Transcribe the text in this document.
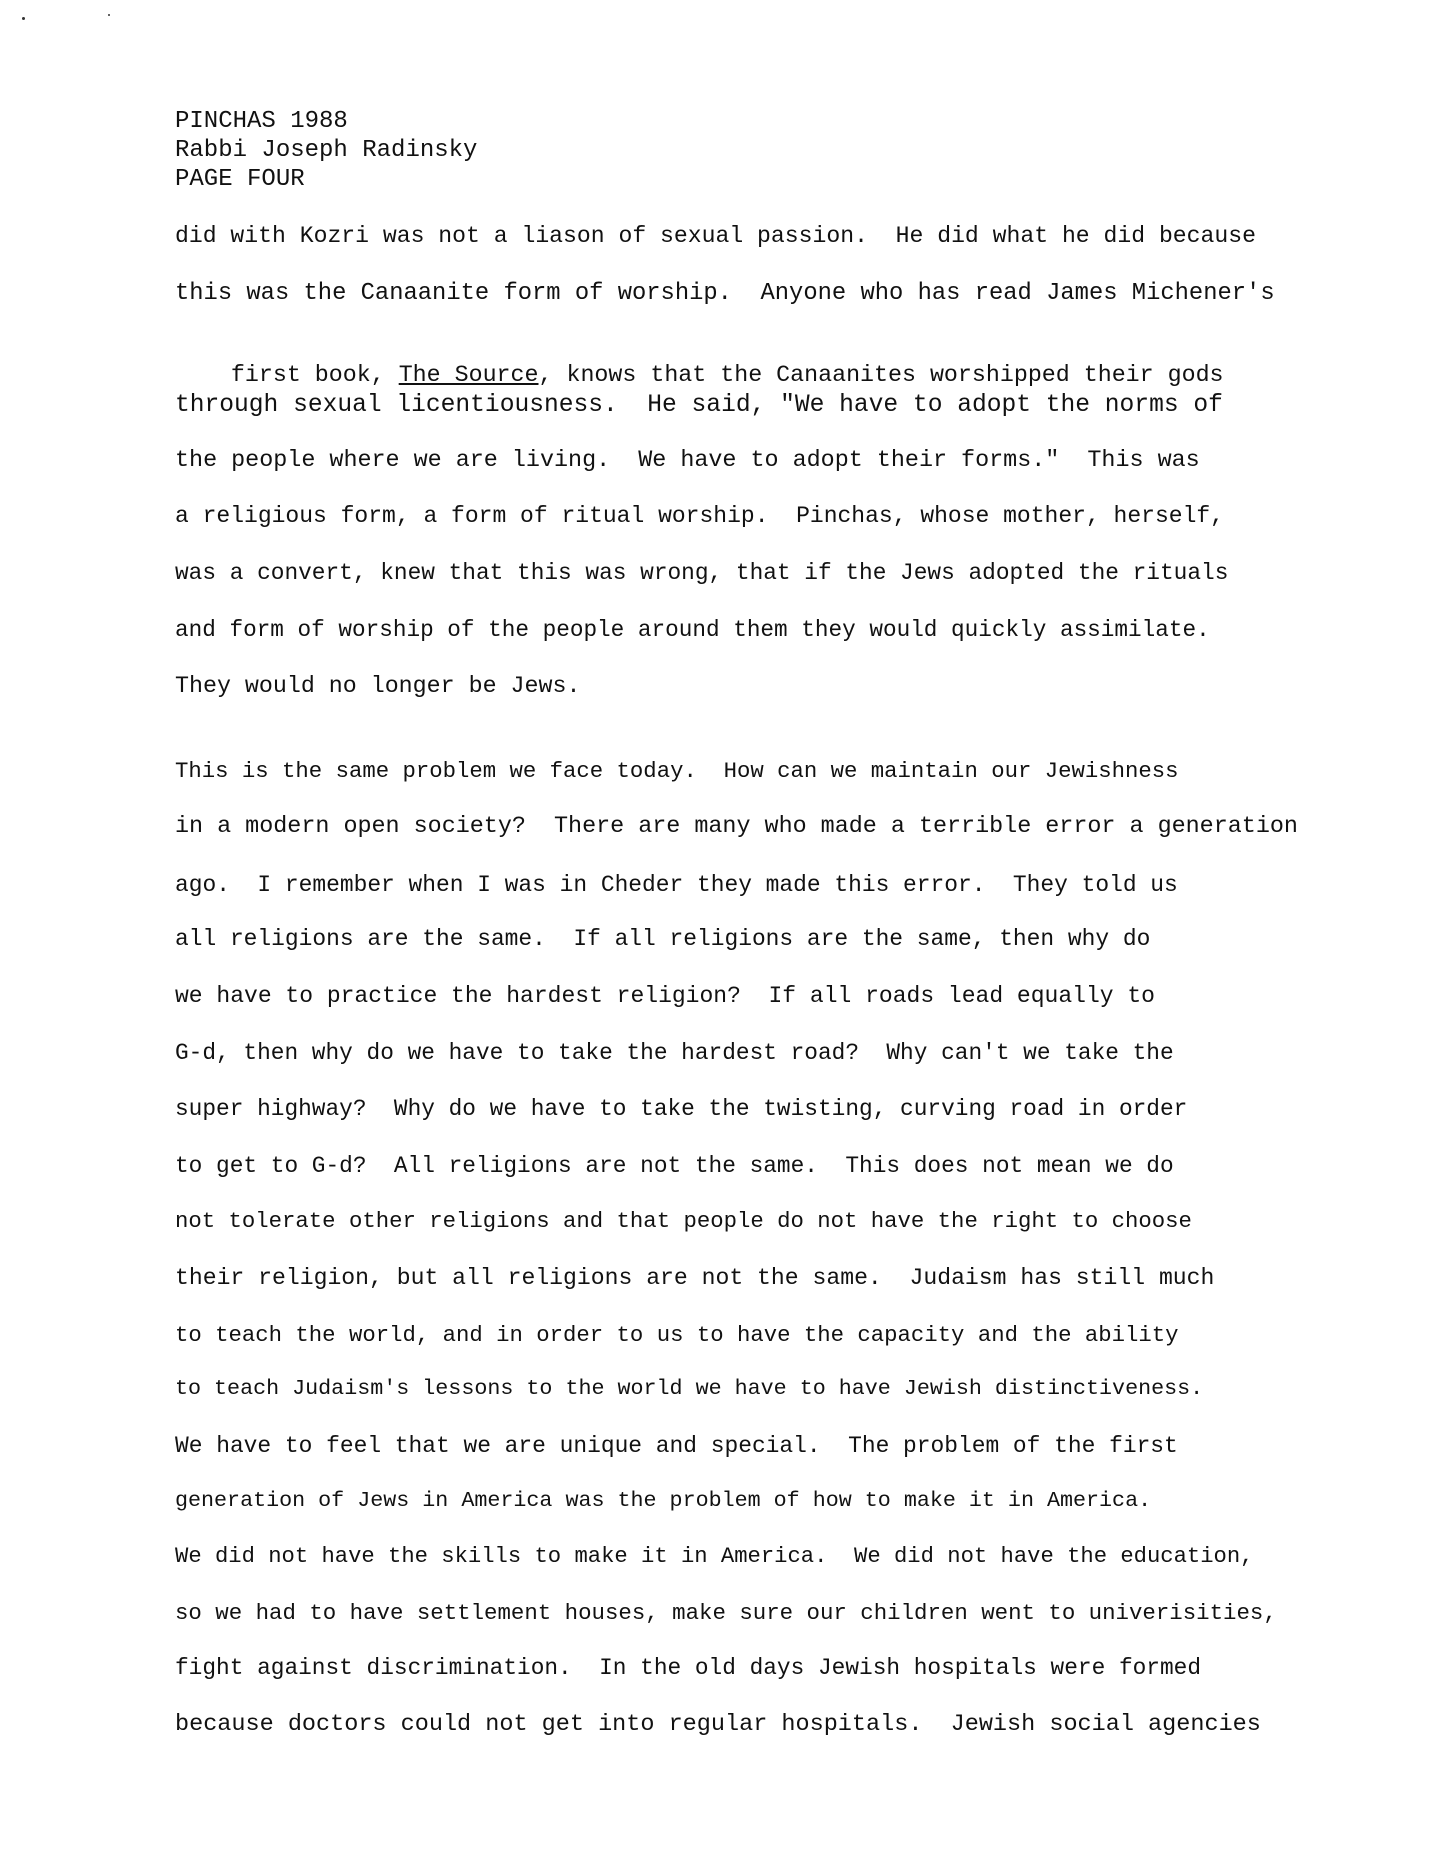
PINCHAS 1988
Rabbi Joseph Radinsky
PAGE FOUR
did with Kozri was not a liason of sexual passion.  He did what he did because
this was the Canaanite form of worship.  Anyone who has read James Michener's

first book, The Source, knows that the Canaanites worshipped their gods

through sexual licentiousness.  He said, "We have to adopt the norms of
the people where we are living.  We have to adopt their forms."  This was
a religious form, a form of ritual worship.  Pinchas, whose mother, herself,
was a convert, knew that this was wrong, that if the Jews adopted the rituals
and form of worship of the people around them they would quickly assimilate.
They would no longer be Jews.
This is the same problem we face today.  How can we maintain our Jewishness
in a modern open society?  There are many who made a terrible error a generation
ago.  I remember when I was in Cheder they made this error.  They told us
all religions are the same.  If all religions are the same, then why do
we have to practice the hardest religion?  If all roads lead equally to
G-d, then why do we have to take the hardest road?  Why can't we take the
super highway?  Why do we have to take the twisting, curving road in order
to get to G-d?  All religions are not the same.  This does not mean we do
not tolerate other religions and that people do not have the right to choose
their religion, but all religions are not the same.  Judaism has still much
to teach the world, and in order to us to have the capacity and the ability
to teach Judaism's lessons to the world we have to have Jewish distinctiveness.
We have to feel that we are unique and special.  The problem of the first
generation of Jews in America was the problem of how to make it in America.
We did not have the skills to make it in America.  We did not have the education,
so we had to have settlement houses, make sure our children went to univerisities,
fight against discrimination.  In the old days Jewish hospitals were formed
because doctors could not get into regular hospitals.  Jewish social agencies
